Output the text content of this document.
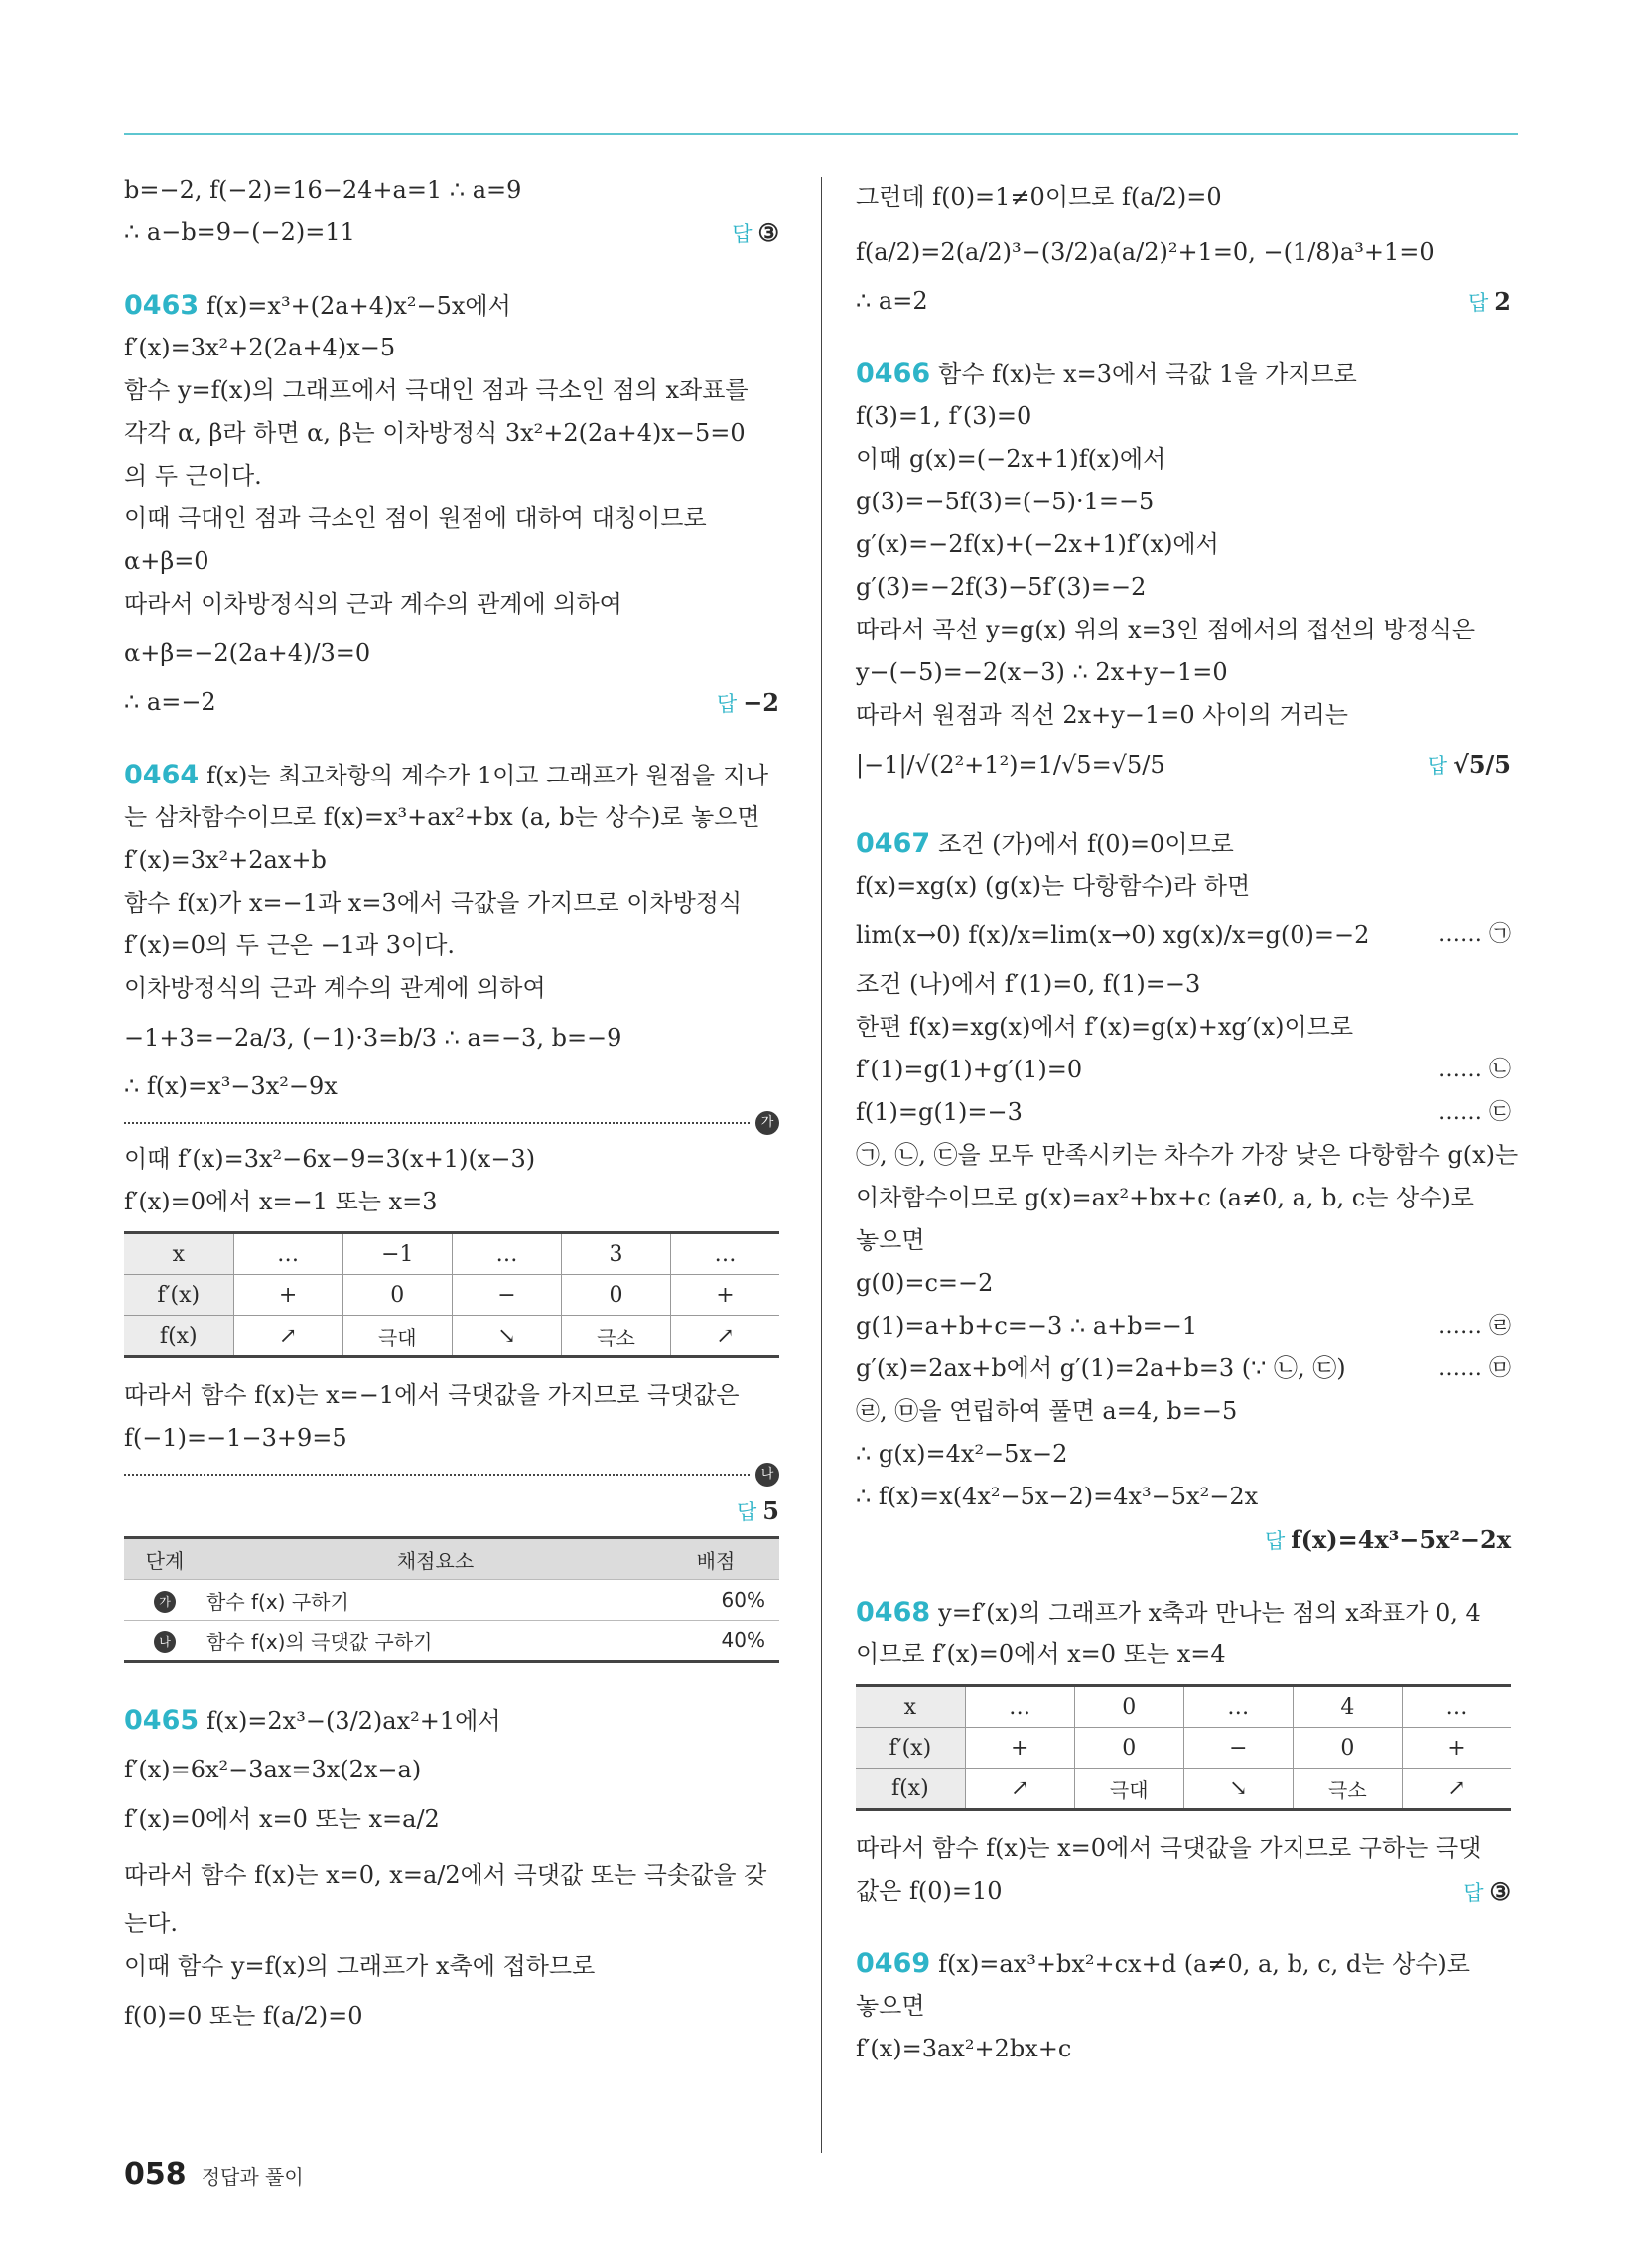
b=−2, f(−2)=16−24+a=1 ∴ a=9
∴ a−b=9−(−2)=11	답 ③
0463 f(x)=x³+(2a+4)x²−5x에서
f′(x)=3x²+2(2a+4)x−5
함수 y=f(x)의 그래프에서 극대인 점과 극소인 점의 x좌표를
각각 α, β라 하면 α, β는 이차방정식 3x²+2(2a+4)x−5=0
의 두 근이다.
이때 극대인 점과 극소인 점이 원점에 대하여 대칭이므로
α+β=0
따라서 이차방정식의 근과 계수의 관계에 의하여
α+β=−2(2a+4)/3=0
∴ a=−2	답 −2
0464 f(x)는 최고차항의 계수가 1이고 그래프가 원점을 지나
는 삼차함수이므로 f(x)=x³+ax²+bx (a, b는 상수)로 놓으면
f′(x)=3x²+2ax+b
함수 f(x)가 x=−1과 x=3에서 극값을 가지므로 이차방정식
f′(x)=0의 두 근은 −1과 3이다.
이차방정식의 근과 계수의 관계에 의하여
−1+3=−2a/3, (−1)·3=b/3 ∴ a=−3, b=−9
∴ f(x)=x³−3x²−9x
가
이때 f′(x)=3x²−6x−9=3(x+1)(x−3)
f′(x)=0에서 x=−1 또는 x=3
x	…	−1	…	3	…
f′(x)	+	0	−	0	+
f(x)	↗	극대	↘	극소	↗
따라서 함수 f(x)는 x=−1에서 극댓값을 가지므로 극댓값은
f(−1)=−1−3+9=5
나
답 5
단계	채점요소	배점
가	함수 f(x) 구하기	60%
나	함수 f(x)의 극댓값 구하기	40%
0465 f(x)=2x³−(3/2)ax²+1에서
f′(x)=6x²−3ax=3x(2x−a)
f′(x)=0에서 x=0 또는 x=a/2
따라서 함수 f(x)는 x=0, x=a/2에서 극댓값 또는 극솟값을 갖
는다.
이때 함수 y=f(x)의 그래프가 x축에 접하므로
f(0)=0 또는 f(a/2)=0
그런데 f(0)=1≠0이므로 f(a/2)=0
f(a/2)=2(a/2)³−(3/2)a(a/2)²+1=0, −(1/8)a³+1=0
∴ a=2	답 2
0466 함수 f(x)는 x=3에서 극값 1을 가지므로
f(3)=1, f′(3)=0
이때 g(x)=(−2x+1)f(x)에서
g(3)=−5f(3)=(−5)·1=−5
g′(x)=−2f(x)+(−2x+1)f′(x)에서
g′(3)=−2f(3)−5f′(3)=−2
따라서 곡선 y=g(x) 위의 x=3인 점에서의 접선의 방정식은
y−(−5)=−2(x−3) ∴ 2x+y−1=0
따라서 원점과 직선 2x+y−1=0 사이의 거리는
|−1|/√(2²+1²)=1/√5=√5/5	답 √5/5
0467 조건 (가)에서 f(0)=0이므로
f(x)=xg(x) (g(x)는 다항함수)라 하면
lim(x→0) f(x)/x=lim(x→0) xg(x)/x=g(0)=−2	…… ㉠
조건 (나)에서 f′(1)=0, f(1)=−3
한편 f(x)=xg(x)에서 f′(x)=g(x)+xg′(x)이므로
f′(1)=g(1)+g′(1)=0	…… ㉡
f(1)=g(1)=−3	…… ㉢
㉠, ㉡, ㉢을 모두 만족시키는 차수가 가장 낮은 다항함수 g(x)는
이차함수이므로 g(x)=ax²+bx+c (a≠0, a, b, c는 상수)로
놓으면
g(0)=c=−2
g(1)=a+b+c=−3 ∴ a+b=−1	…… ㉣
g′(x)=2ax+b에서 g′(1)=2a+b=3 (∵ ㉡, ㉢)	…… ㉤
㉣, ㉤을 연립하여 풀면 a=4, b=−5
∴ g(x)=4x²−5x−2
∴ f(x)=x(4x²−5x−2)=4x³−5x²−2x
답 f(x)=4x³−5x²−2x
0468 y=f′(x)의 그래프가 x축과 만나는 점의 x좌표가 0, 4
이므로 f′(x)=0에서 x=0 또는 x=4
x	…	0	…	4	…
f′(x)	+	0	−	0	+
f(x)	↗	극대	↘	극소	↗
따라서 함수 f(x)는 x=0에서 극댓값을 가지므로 구하는 극댓
값은 f(0)=10	답 ③
0469 f(x)=ax³+bx²+cx+d (a≠0, a, b, c, d는 상수)로
놓으면
f′(x)=3ax²+2bx+c
058 정답과 풀이
